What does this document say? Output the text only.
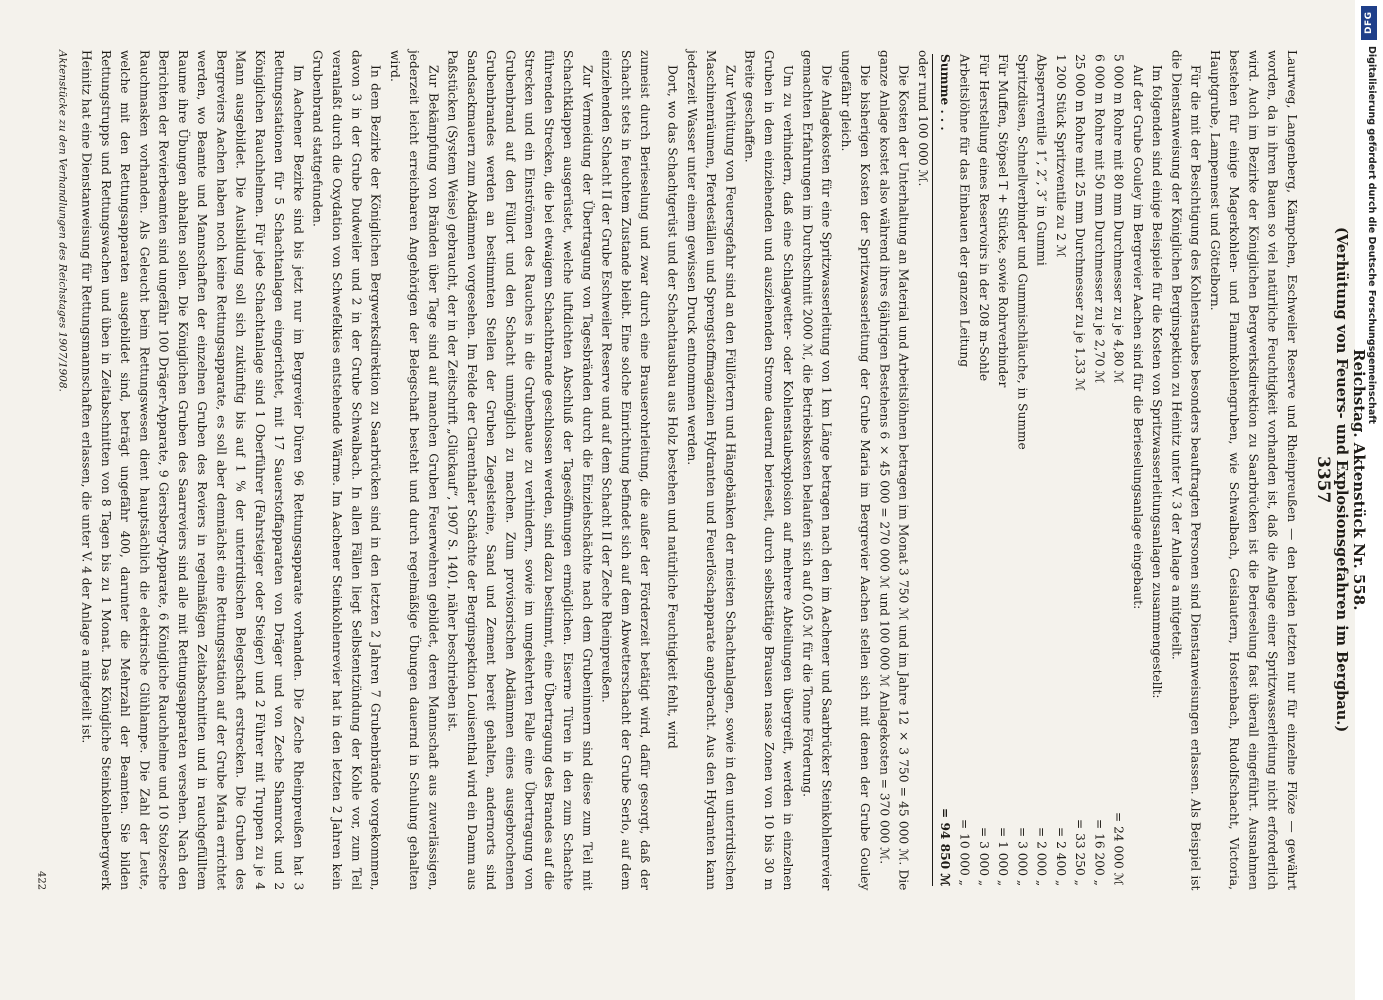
DFG
Digitalisierung gefördert durch die Deutsche Forschungsgemeinschaft
Reichstag. Aktenstück Nr. 558.
(Verhütung von Feuers- und Explosionsgefahren im Bergbau.)
3357

Laurweg, Langenberg, Kämpchen, Eschweiler Reserve und Rheinpreußen — den beiden letzten nur für einzelne Flöze — gewährt worden, da in ihren Bauen so viel natürliche Feuchtigkeit vorhanden ist, daß die Anlage einer Spritzwasserleitung nicht erforderlich wird. Auch im Bezirke der Königlichen Bergwerksdirektion zu Saarbrücken ist die Berieselung fast überall eingeführt. Ausnahmen bestehen für einige Magerkohlen- und Flammkohlengruben, wie Schwalbach, Geislautern, Hostenbach, Rudolfschacht, Victoria, Hauptgrube, Lampennest und Göttelborn.

Für die mit der Besichtigung des Kohlenstaubes besonders beauftragten Personen sind Dienstanweisungen erlassen. Als Beispiel ist die Dienstanweisung der Königlichen Berginspektion zu Heinitz unter V. 3 der Anlage a mitgeteilt.

Im folgenden sind einige Beispiele für die Kosten von Spritzwasserleitungsanlagen zusammengestellt:

Auf der Grube Gouley im Bergrevier Aachen sind für die Berieselungsanlage eingebaut:

5 000 m Rohre mit 80 mm Durchmesser zu je 4,80 ℳ
= 24 000 ℳ
6 000 m Rohre mit 50 mm Durchmesser zu je 2,70 ℳ
= 16 200 „
25 000 m Rohre mit 25 mm Durchmesser zu je 1,33 ℳ
= 33 250 „
1 200 Stück Spritzventile zu 2 ℳ
= 2 400 „
Absperrventile 1″, 2″, 3″ in Gummi
= 2 000 „
Spritzdüsen, Schnellverbinder und Gummischläuche, in Summe
= 3 000 „
Für Muffen, Stöpsel T + Stücke, sowie Rohrverbinder
= 1 000 „
Für Herstellung eines Reservoirs in der 208 m-Sohle
= 3 000 „
Arbeitslöhne für das Einbauen der ganzen Leitung
= 10 000 „
Summe . . .
= 94 850 ℳ

oder rund 100 000 ℳ.

Die Kosten der Unterhaltung an Material und Arbeitslöhnen betragen im Monat 3 750 ℳ und im Jahre 12 × 3 750 = 45 000 ℳ. Die ganze Anlage kostet also während ihres 6jährigen Bestehens 6 × 45 000 = 270 000 ℳ und 100 000 ℳ Anlagekosten = 370 000 ℳ.

Die bisherigen Kosten der Spritzwasserleitung der Grube Maria im Bergrevier Aachen stellen sich mit denen der Grube Gouley ungefähr gleich.

Die Anlagekosten für eine Spritzwasserleitung von 1 km Länge betragen nach den im Aachener und Saarbrücker Steinkohlenrevier gemachten Erfahrungen im Durchschnitt 2000 ℳ, die Betriebskosten belaufen sich auf 0,05 ℳ für die Tonne Förderung.

Um zu verhindern, daß eine Schlagwetter- oder Kohlenstaubexplosion auf mehrere Abteilungen übergreift, werden in einzelnen Gruben in dem einziehenden und ausziehenden Strome dauernd berieselt, durch selbsttätige Brausen nasse Zonen von 10 bis 30 m Breite geschaffen.

Zur Verhütung von Feuersgefahr sind an den Füllörtern und Hängebänken der meisten Schachtanlagen, sowie in den unterirdischen Maschinenräumen, Pferdeställen und Sprengstoffmagazinen Hydranten und Feuerlöschapparate angebracht. Aus den Hydranten kann jederzeit Wasser unter einem gewissen Druck entnommen werden.

Dort, wo das Schachtgerüst und der Schachtausbau aus Holz bestehen und natürliche Feuchtigkeit fehlt, wird

zumeist durch Berieselung und zwar durch eine Brauserohrleitung, die außer der Förderzeit betätigt wird, dafür gesorgt, daß der Schacht stets in feuchtem Zustande bleibt. Eine solche Einrichtung befindet sich auf dem Abwetterschacht der Grube Serlo, auf dem einziehenden Schacht II der Grube Eschweiler Reserve und auf dem Schacht II der Zeche Rheinpreußen.

Zur Vermeidung der Übertragung von Tagesbränden durch die Einziehschächte nach dem Grubeninnern sind diese zum Teil mit Schachtklappen ausgerüstet, welche luftdichten Abschluß der Tagesöffnungen ermöglichen. Eiserne Türen in den zum Schachte führenden Strecken, die bei etwaigem Schachtbrande geschlossen werden, sind dazu bestimmt, eine Übertragung des Brandes auf die Strecken und ein Einströmen des Rauches in die Grubenbaue zu verhindern, sowie im umgekehrten Falle eine Übertragung von Grubenbrand auf den Füllort und den Schacht unmöglich zu machen. Zum provisorischen Abdämmen eines ausgebrochenen Grubenbrandes werden an bestimmten Stellen der Gruben Ziegelsteine, Sand und Zement bereit gehalten, andernorts sind Sandsackmauern zum Abdämmen vorgesehen. Im Felde der Clarenthaler Schächte der Berginspektion Louisenthal wird ein Damm aus Paßstücken (System Weise) gebraucht, der in der Zeitschrift „Glückauf“, 1907 S. 1401, näher beschrieben ist.

Zur Bekämpfung von Bränden über Tage sind auf manchen Gruben Feuerwehren gebildet, deren Mannschaft aus zuverlässigen, jederzeit leicht erreichbaren Angehörigen der Belegschaft besteht und durch regelmäßige Übungen dauernd in Schulung gehalten wird.

In dem Bezirke der Königlichen Bergwerksdirektion zu Saarbrücken sind in den letzten 2 Jahren 7 Grubenbrände vorgekommen, davon 3 in der Grube Dudweiler und 2 in der Grube Schwalbach. In allen Fällen liegt Selbstentzündung der Kohle vor, zum Teil veranlaßt durch die Oxydation von Schwefelkies entstehende Wärme. Im Aachener Steinkohlenrevier hat in den letzten 2 Jahren kein Grubenbrand stattgefunden.

Im Aachener Bezirke sind bis jetzt nur im Bergrevier Düren 96 Rettungsapparate vorhanden. Die Zeche Rheinpreußen hat 3 Rettungsstationen für 5 Schachtanlagen eingerichtet, mit 17 Sauerstoffapparaten von Dräger und von Zeche Shamrock und 2 Königlichen Rauchhelmen. Für jede Schachtanlage sind 1 Oberführer (Fahrsteiger oder Steiger) und 2 Führer mit Truppen zu je 4 Mann ausgebildet. Die Ausbildung soll sich zukünftig bis auf 1 % der unterirdischen Belegschaft erstrecken. Die Gruben des Bergreviers Aachen haben noch keine Rettungsapparate, es soll aber demnächst eine Rettungsstation auf der Grube Maria errichtet werden, wo Beamte und Mannschaften der einzelnen Gruben des Reviers in regelmäßigen Zeitabschnitten und in rauchgefülltem Raume ihre Übungen abhalten sollen. Die Königlichen Gruben des Saarreviers sind alle mit Rettungsapparaten versehen. Nach den Berichten der Revierbeamten sind ungefähr 100 Dräger-Apparate, 9 Giersberg-Apparate, 6 Königliche Rauchhelme und 10 Stolzesche Rauchmasken vorhanden. Als Geleucht beim Rettungswesen dient hauptsächlich die elektrische Glühlampe. Die Zahl der Leute, welche mit den Rettungsapparaten ausgebildet sind, beträgt ungefähr 400, darunter die Mehrzahl der Beamten. Sie bilden Rettungstrupps und Rettungswachen und üben in Zeitabschnitten von 8 Tagen bis zu 1 Monat. Das Königliche Steinkohlenbergwerk Heinitz hat eine Dienstanweisung für Rettungsmannschaften erlassen, die unter V. 4 der Anlage a mitgeteilt ist.

Aktenstücke zu den Verhandlungen des Reichstages 1907/1908.
422
